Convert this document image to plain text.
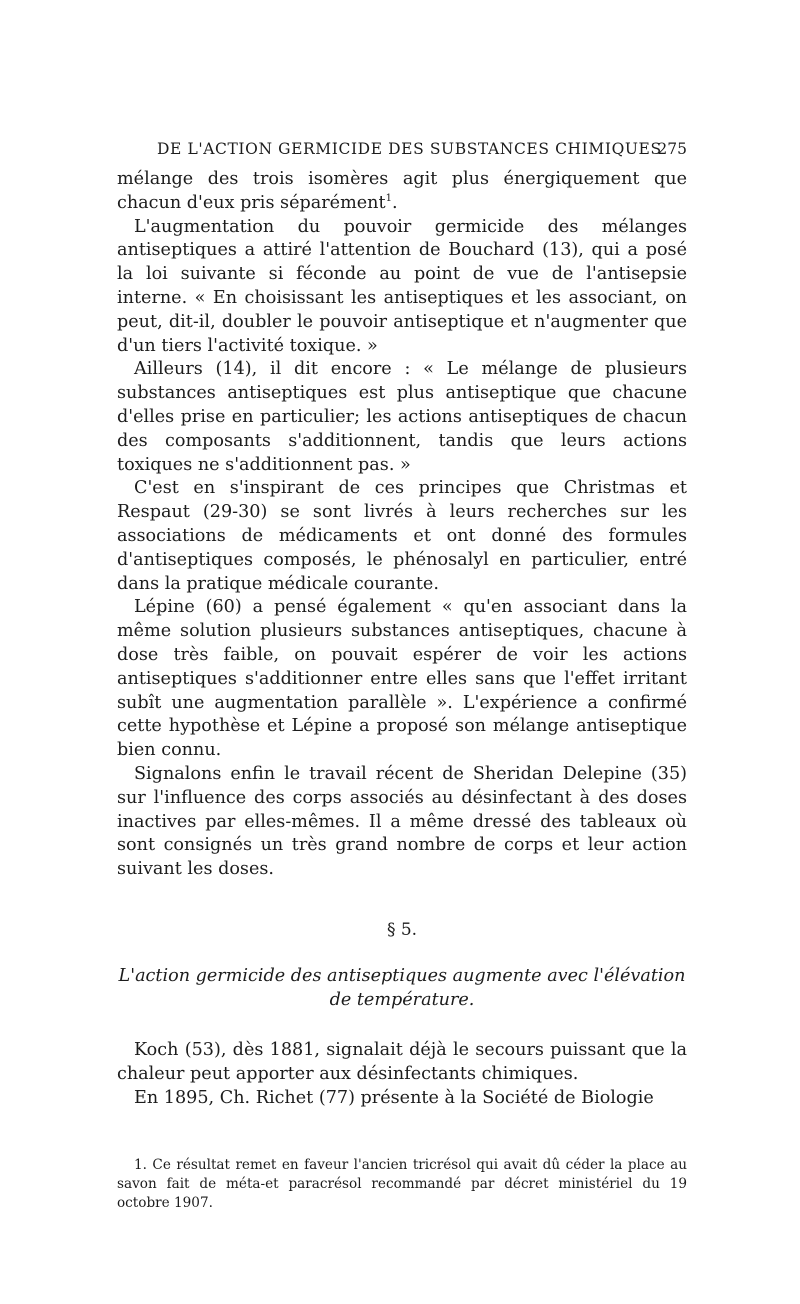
DE L'ACTION GERMICIDE DES SUBSTANCES CHIMIQUES
275

mélange des trois isomères agit plus énergiquement que chacun d'eux pris séparément$^1$.

L'augmentation du pouvoir germicide des mélanges antiseptiques a attiré l'attention de Bouchard (13), qui a posé la loi suivante si féconde au point de vue de l'antisepsie interne. « En choisissant les antiseptiques et les associant, on peut, dit-il, doubler le pouvoir antiseptique et n'augmenter que d'un tiers l'activité toxique. »

Ailleurs (14), il dit encore : « Le mélange de plusieurs substances antiseptiques est plus antiseptique que chacune d'elles prise en particulier; les actions antiseptiques de chacun des composants s'additionnent, tandis que leurs actions toxiques ne s'additionnent pas. »

C'est en s'inspirant de ces principes que Christmas et Respaut (29-30) se sont livrés à leurs recherches sur les associations de médicaments et ont donné des formules d'antiseptiques composés, le phénosalyl en particulier, entré dans la pratique médicale courante.

Lépine (60) a pensé également « qu'en associant dans la même solution plusieurs substances antiseptiques, chacune à dose très faible, on pouvait espérer de voir les actions antiseptiques s'additionner entre elles sans que l'effet irritant subît une augmentation parallèle ». L'expérience a confirmé cette hypothèse et Lépine a proposé son mélange antiseptique bien connu.

Signalons enfin le travail récent de Sheridan Delepine (35) sur l'influence des corps associés au désinfectant à des doses inactives par elles-mêmes. Il a même dressé des tableaux où sont consignés un très grand nombre de corps et leur action suivant les doses.

§ 5.
L'action germicide des antiseptiques augmente avec l'élévation
de température.

Koch (53), dès 1881, signalait déjà le secours puissant que la chaleur peut apporter aux désinfectants chimiques.

En 1895, Ch. Richet (77) présente à la Société de Biologie

1. Ce résultat remet en faveur l'ancien tricrésol qui avait dû céder la place au savon fait de méta-et paracrésol recommandé par décret ministériel du 19 octobre 1907.
